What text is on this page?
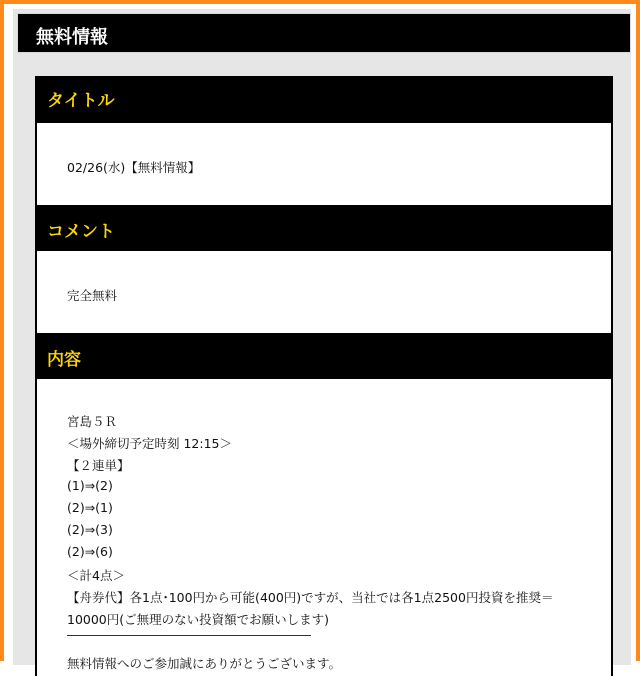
無料情報
タイトル
02/26(水)【無料情報】
コメント
完全無料
内容
宮島５Ｒ
＜場外締切予定時刻 12:15＞
【２連単】
(1)⇒(2)
(2)⇒(1)
(2)⇒(3)
(2)⇒(6)
＜計4点＞
【舟券代】各1点･100円から可能(400円)ですが、当社では各1点2500円投資を推奨＝
10000円(ご無理のない投資額でお願いします)
無料情報へのご参加誠にありがとうございます。
